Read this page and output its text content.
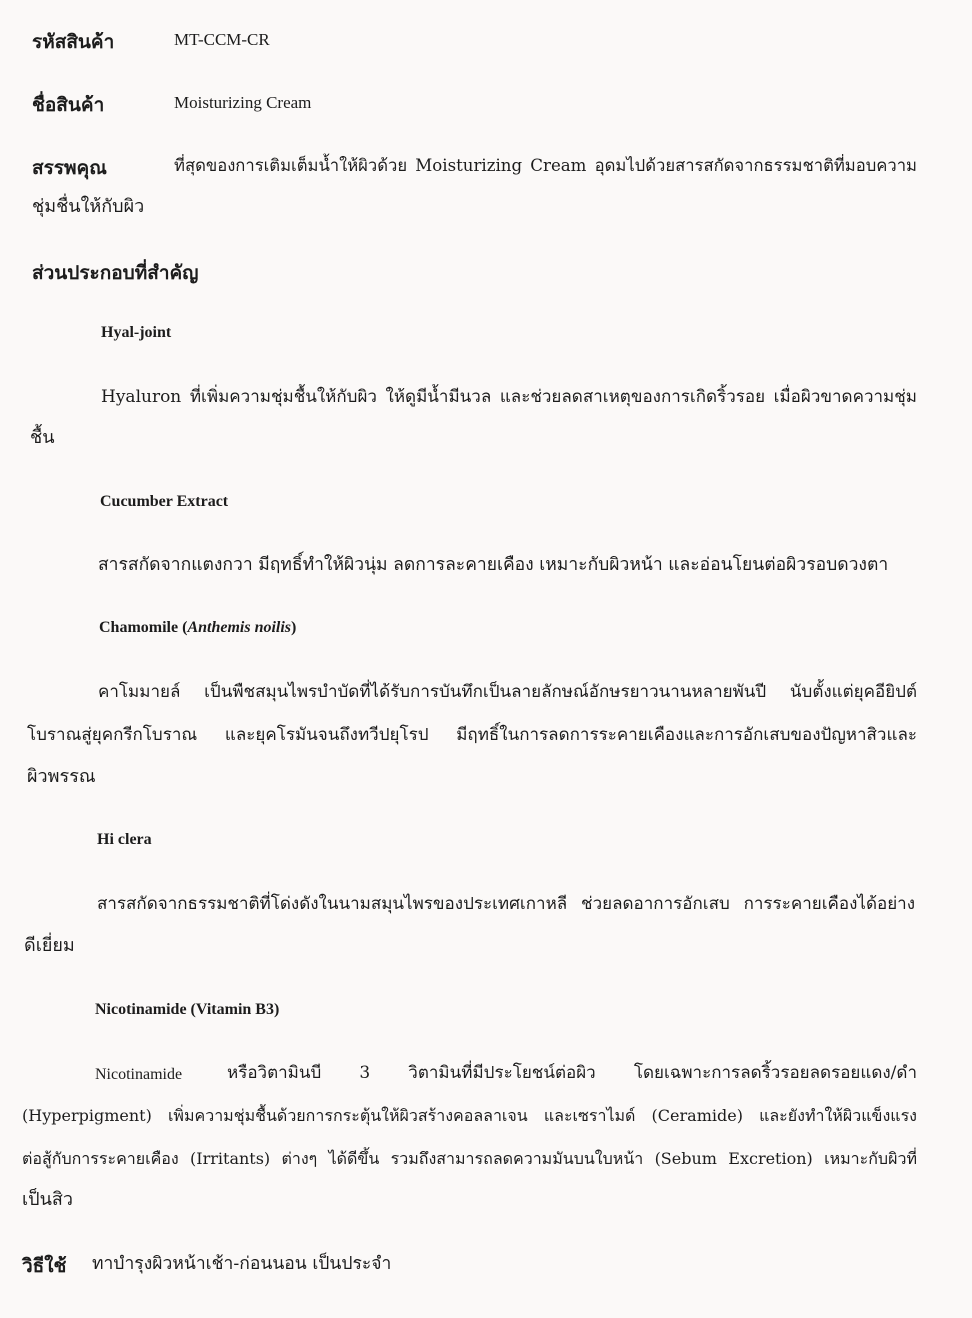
รหัสสินค้า	MT-CCM-CR
ชื่อสินค้า	Moisturizing Cream
สรรพคุณ	ที่สุดของการเติมเต็มน้ำให้ผิวด้วย Moisturizing Cream อุดมไปด้วยสารสกัดจากธรรมชาติที่มอบความ
ชุ่มชื่นให้กับผิว
ส่วนประกอบที่สำคัญ
Hyal-joint
Hyaluron ที่เพิ่มความชุ่มชื้นให้กับผิว ให้ดูมีน้ำมีนวล และช่วยลดสาเหตุของการเกิดริ้วรอย เมื่อผิวขาดความชุ่ม
ชื้น
Cucumber Extract
สารสกัดจากแตงกวา มีฤทธิ์ทำให้ผิวนุ่ม ลดการละคายเคือง เหมาะกับผิวหน้า และอ่อนโยนต่อผิวรอบดวงตา
Chamomile (Anthemis noilis)
คาโมมายล์ เป็นพืชสมุนไพรบำบัดที่ได้รับการบันทึกเป็นลายลักษณ์อักษรยาวนานหลายพันปี นับตั้งแต่ยุคอียิปต์
โบราณสู่ยุคกรีกโบราณ และยุคโรมันจนถึงทวีปยุโรป มีฤทธิ์ในการลดการระคายเคืองและการอักเสบของปัญหาสิวและ
ผิวพรรณ
Hi clera
สารสกัดจากธรรมชาติที่โด่งดังในนามสมุนไพรของประเทศเกาหลี ช่วยลดอาการอักเสบ การระคายเคืองได้อย่าง
ดีเยี่ยม
Nicotinamide (Vitamin B3)
Nicotinamide	หรือวิตามินบี 3 วิตามินที่มีประโยชน์ต่อผิว โดยเฉพาะการลดริ้วรอยลดรอยแดง/ดำ
(Hyperpigment) เพิ่มความชุ่มชื้นด้วยการกระตุ้นให้ผิวสร้างคอลลาเจน และเซราไมด์ (Ceramide) และยังทำให้ผิวแข็งแรง
ต่อสู้กับการระคายเคือง (Irritants) ต่างๆ ได้ดีขึ้น รวมถึงสามารถลดความมันบนใบหน้า (Sebum Excretion) เหมาะกับผิวที่
เป็นสิว
วิธีใช้ ทาบำรุงผิวหน้าเช้า-ก่อนนอน เป็นประจำ
